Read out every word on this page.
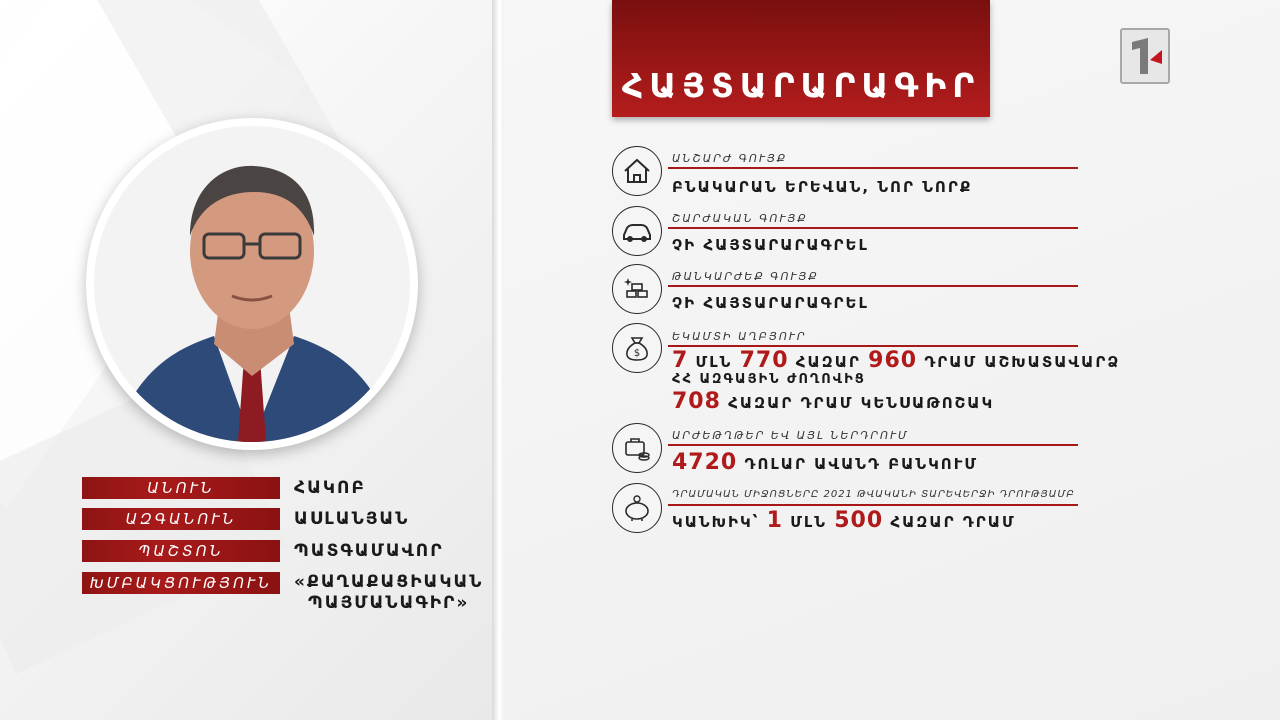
ԱՆՈՒՆ	ՀԱԿՈԲ
ԱԶԳԱՆՈՒՆ	ԱՍԼԱՆՅԱՆ
ՊԱՇՏՈՆ	ՊԱՏԳԱՄԱՎՈՐ
ԽՄԲԱԿՑՈՒԹՅՈՒՆ	«ՔԱՂԱՔԱՑԻԱԿԱՆ
ՊԱՅՄԱՆԱԳԻՐ»
ՀԱՅՏԱՐԱՐԱԳԻՐ
ԱՆՇԱՐԺ ԳՈՒՅՔ
ԲՆԱԿԱՐԱՆ ԵՐԵՎԱՆ, ՆՈՐ ՆՈՐՔ
ՇԱՐԺԱԿԱՆ ԳՈՒՅՔ
ՉԻ ՀԱՅՏԱՐԱՐԱԳՐԵԼ
ԹԱՆԿԱՐԺԵՔ ԳՈՒՅՔ
ՉԻ ՀԱՅՏԱՐԱՐԱԳՐԵԼ
$
ԵԿԱՄՏԻ ԱՂԲՅՈՒՐ
7 ՄԼՆ 770 ՀԱԶԱՐ 960 ԴՐԱՄ ԱՇԽԱՏԱՎԱՐՁ
ՀՀ ԱԶԳԱՅԻՆ ԺՈՂՈՎԻՑ
708 ՀԱԶԱՐ ԴՐԱՄ ԿԵՆՍԱԹՈՇԱԿ
ԱՐԺԵԹՂԹԵՐ ԵՎ ԱՅԼ ՆԵՐԴՐՈՒՄ
4720 ԴՈԼԱՐ ԱՎԱՆԴ ԲԱՆԿՈՒՄ
ԴՐԱՄԱԿԱՆ ՄԻՋՈՑՆԵՐԸ 2021 ԹՎԱԿԱՆԻ ՏԱՐԵՎԵՐՋԻ ԴՐՈՒԹՅԱՄԲ
ԿԱՆԽԻԿ՝ 1 ՄԼՆ 500 ՀԱԶԱՐ ԴՐԱՄ
